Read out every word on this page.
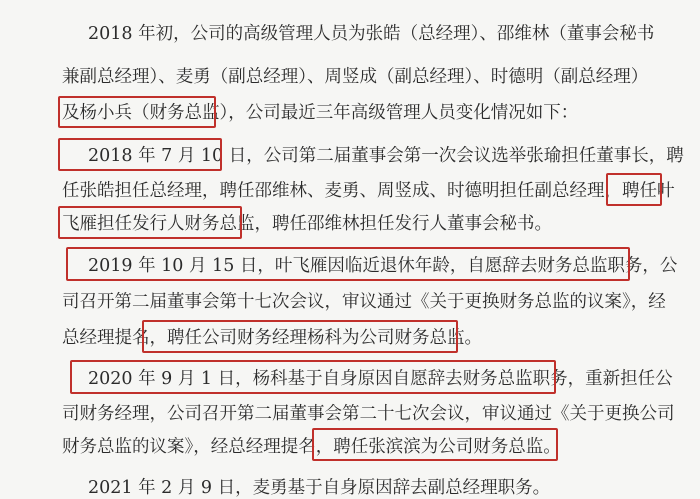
2018 年初，公司的高级管理人员为张皓（总经理）、邵维林（董事会秘书
兼副总经理）、麦勇（副总经理）、周竖成（副总经理）、时德明（副总经理）
及杨小兵（财务总监），公司最近三年高级管理人员变化情况如下：
2018 年 7 月 10 日，公司第二届董事会第一次会议选举张瑜担任董事长，聘
任张皓担任总经理，聘任邵维林、麦勇、周竖成、时德明担任副总经理，聘任叶
飞雁担任发行人财务总监，聘任邵维林担任发行人董事会秘书。
2019 年 10 月 15 日，叶飞雁因临近退休年龄，自愿辞去财务总监职务，公
司召开第二届董事会第十七次会议，审议通过《关于更换财务总监的议案》，经
总经理提名，聘任公司财务经理杨科为公司财务总监。
2020 年 9 月 1 日，杨科基于自身原因自愿辞去财务总监职务，重新担任公
司财务经理，公司召开第二届董事会第二十七次会议，审议通过《关于更换公司
财务总监的议案》，经总经理提名，聘任张滨滨为公司财务总监。
2021 年 2 月 9 日，麦勇基于自身原因辞去副总经理职务。
